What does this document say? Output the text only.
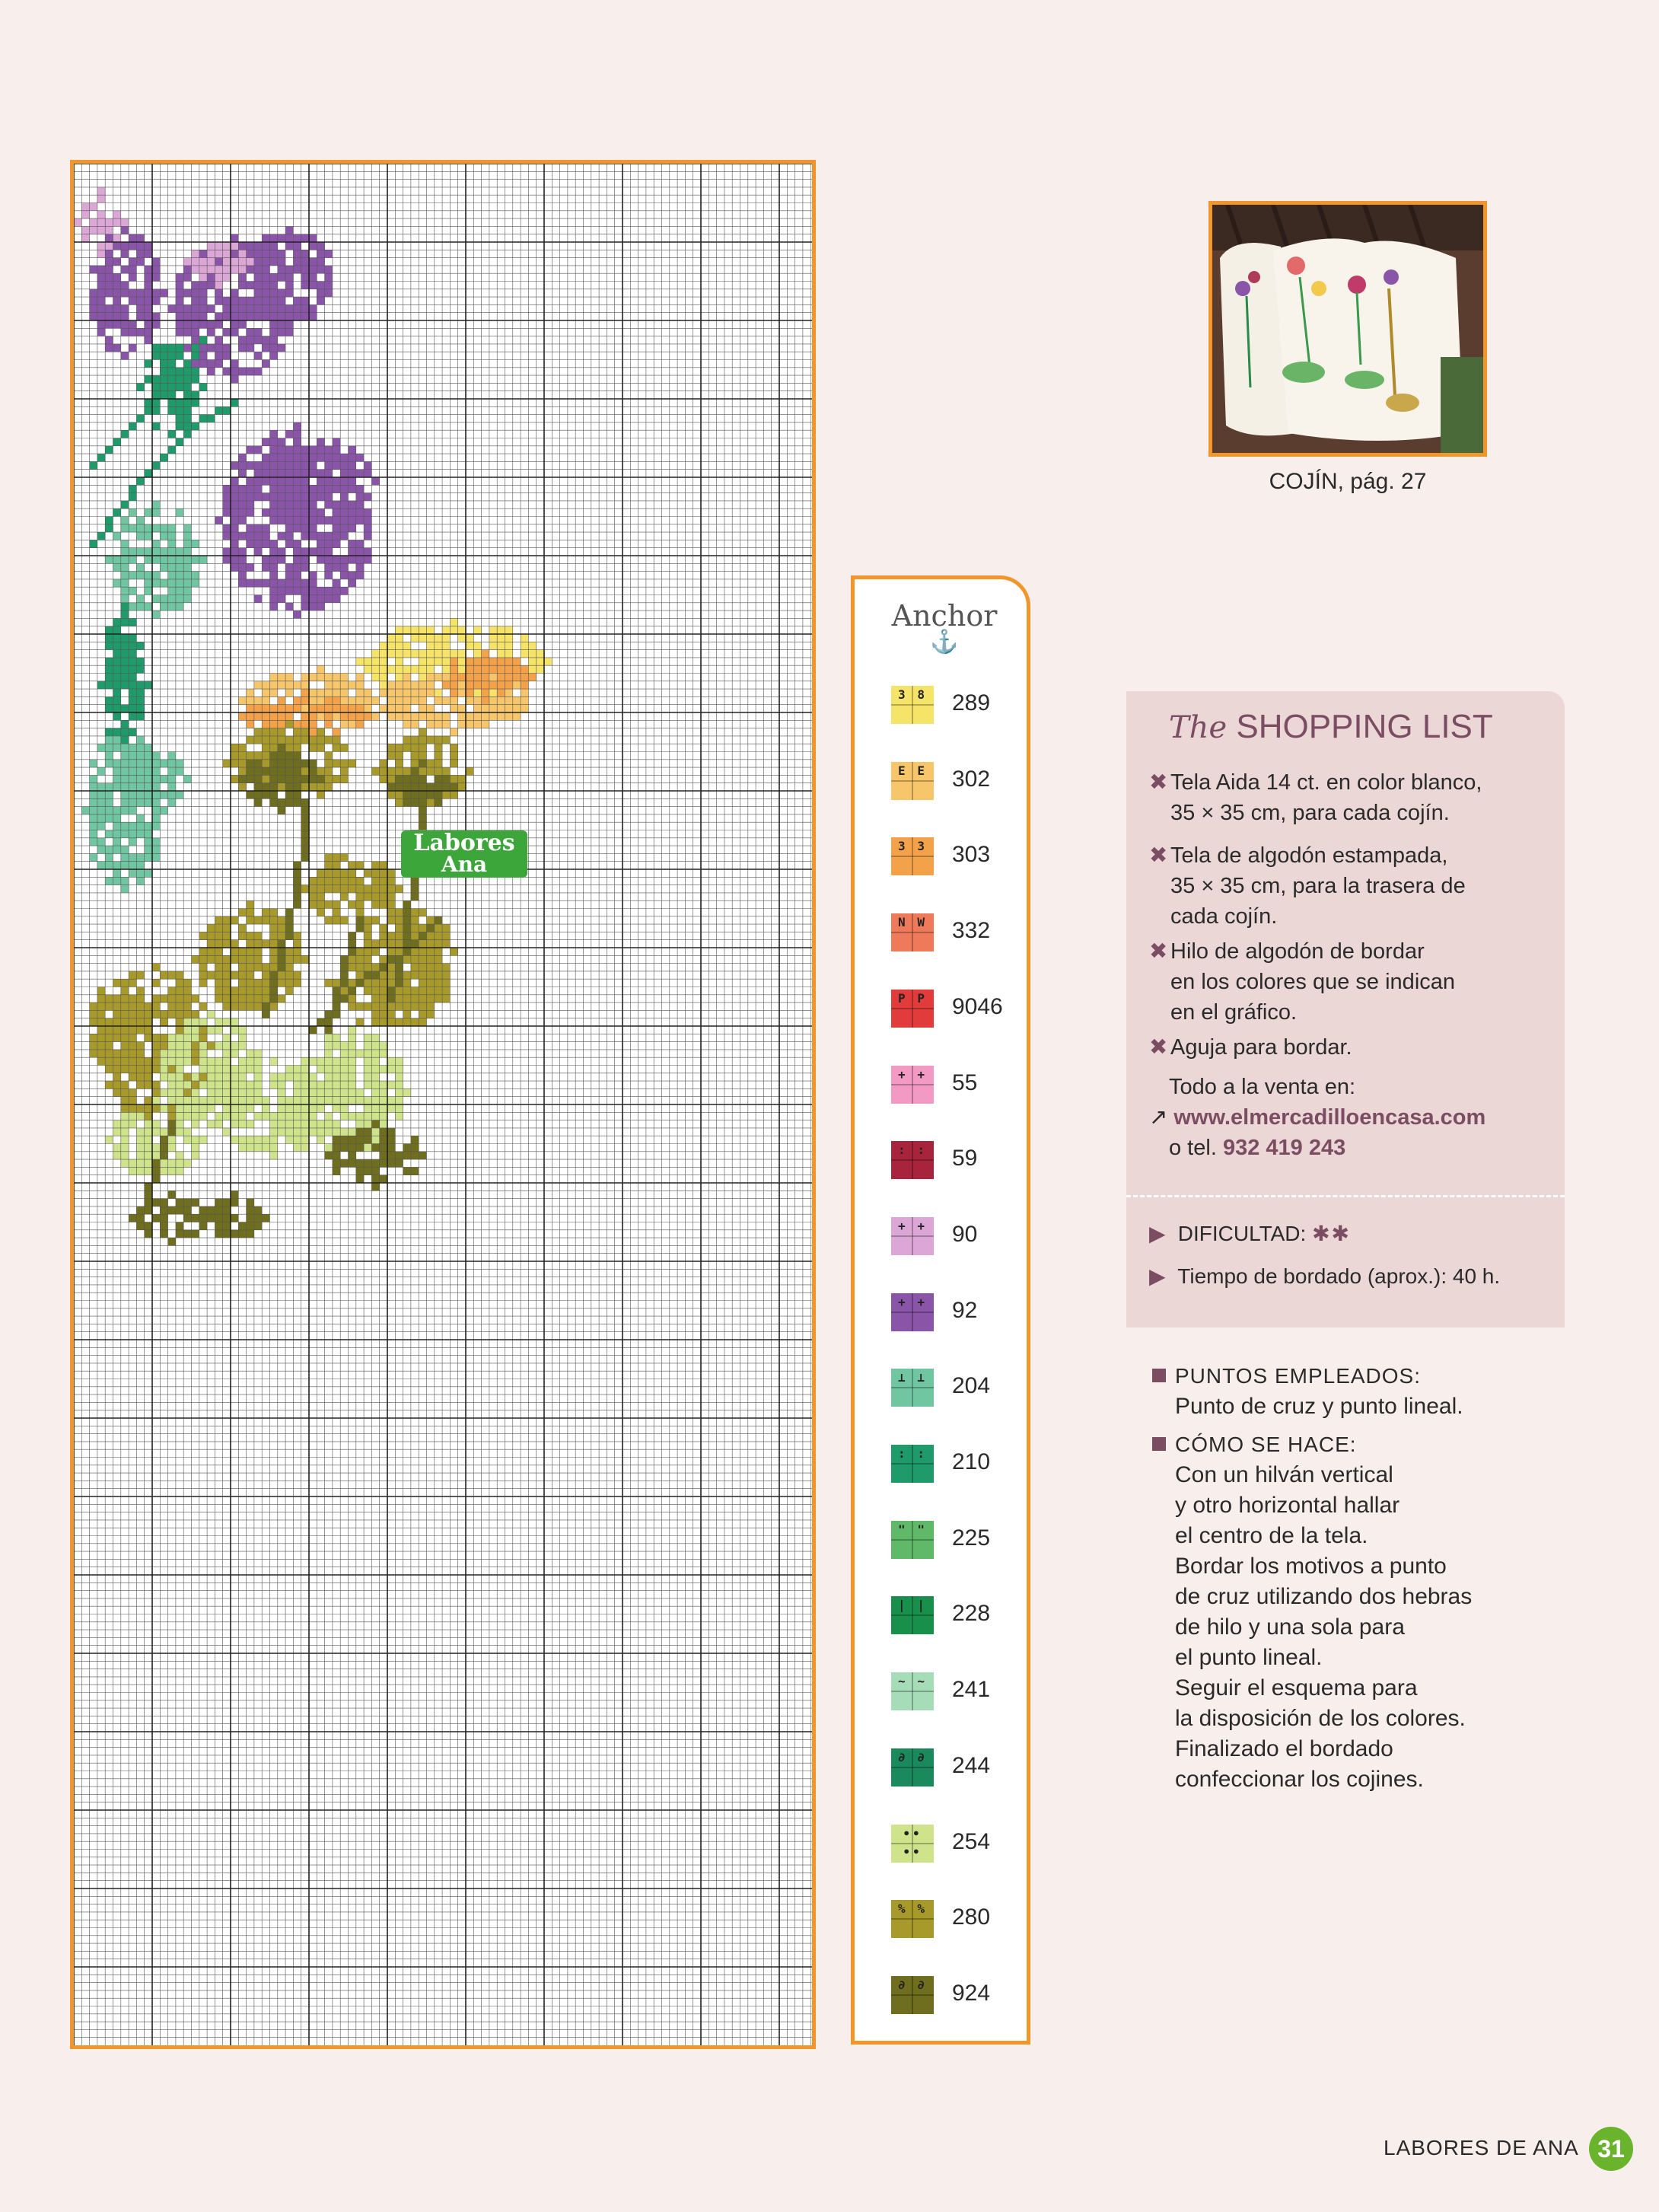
Labores
Ana
COJÍN, pág. 27
Anchor
⚓
3 8	289
E E	302
3 3	303
N W	332
P P	9046
+ +	55
: :	59
+ +	90
+ +	92
⊥ ⊥	204
: :	210
" "	225
| |	228
~ ~	241
∂ ∂	244
∙∙ ∙∙	254
% %	280
∂ ∂	924
The SHOPPING LIST
✖ Tela Aida 14 ct. en color blanco,
35 × 35 cm, para cada cojín.
✖ Tela de algodón estampada,
35 × 35 cm, para la trasera de
cada cojín.
✖ Hilo de algodón de bordar
en los colores que se indican
en el gráfico.
✖ Aguja para bordar.
Todo a la venta en:
↗ www.elmercadilloencasa.com
o tel. 932 419 243
▶ DIFICULTAD: ✱✱
▶ Tiempo de bordado (aprox.): 40 h.
PUNTOS EMPLEADOS:
Punto de cruz y punto lineal.
CÓMO SE HACE:
Con un hilván vertical
y otro horizontal hallar
el centro de la tela.
Bordar los motivos a punto
de cruz utilizando dos hebras
de hilo y una sola para
el punto lineal.
Seguir el esquema para
la disposición de los colores.
Finalizado el bordado
confeccionar los cojines.
LABORES DE ANA 31
